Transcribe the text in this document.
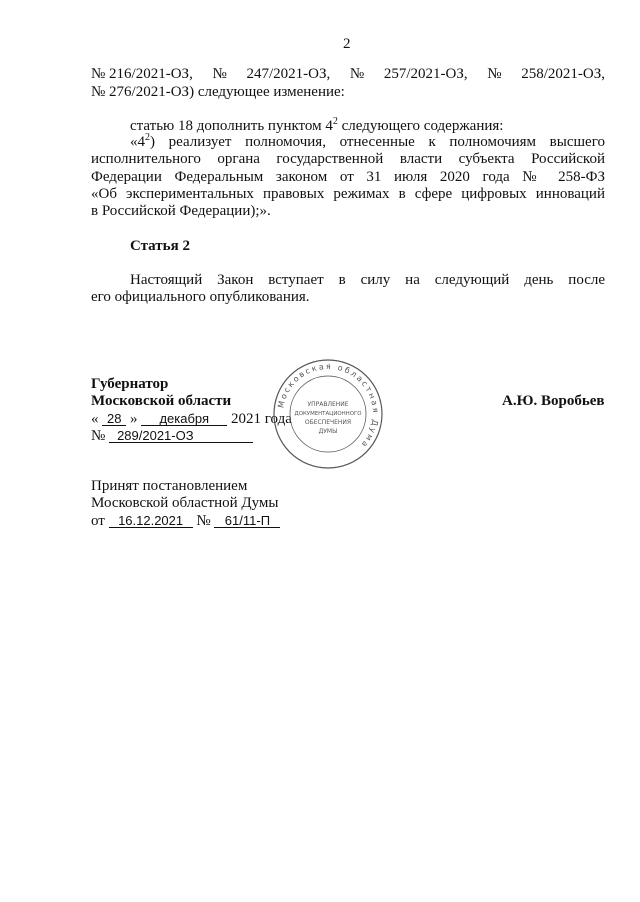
2
№ 216/2021-ОЗ, № 247/2021-ОЗ, № 257/2021-ОЗ, № 258/2021-ОЗ,
№ 276/2021-ОЗ) следующее изменение:
статью 18 дополнить пунктом $4^2$ следующего содержания:
«$4^2$) реализует полномочия, отнесенные к полномочиям высшего
исполнительного органа государственной власти субъекта Российской
Федерации Федеральным законом от 31 июля 2020 года № 258-ФЗ
«Об экспериментальных правовых режимах в сфере цифровых инноваций
в Российской Федерации);».
Статья 2
Настоящий Закон вступает в силу на следующий день после
его официального опубликования.
Губернатор
Московской области	А.Ю. Воробьев
« 28 » декабря 2021 года
№ 289/2021-ОЗ
Московская областная Дума
УПРАВЛЕНИЕ
ДОКУМЕНТАЦИОННОГО
ОБЕСПЕЧЕНИЯ
ДУМЫ
Принят постановлением
Московской областной Думы
от 16.12.2021 № 61/11-П
